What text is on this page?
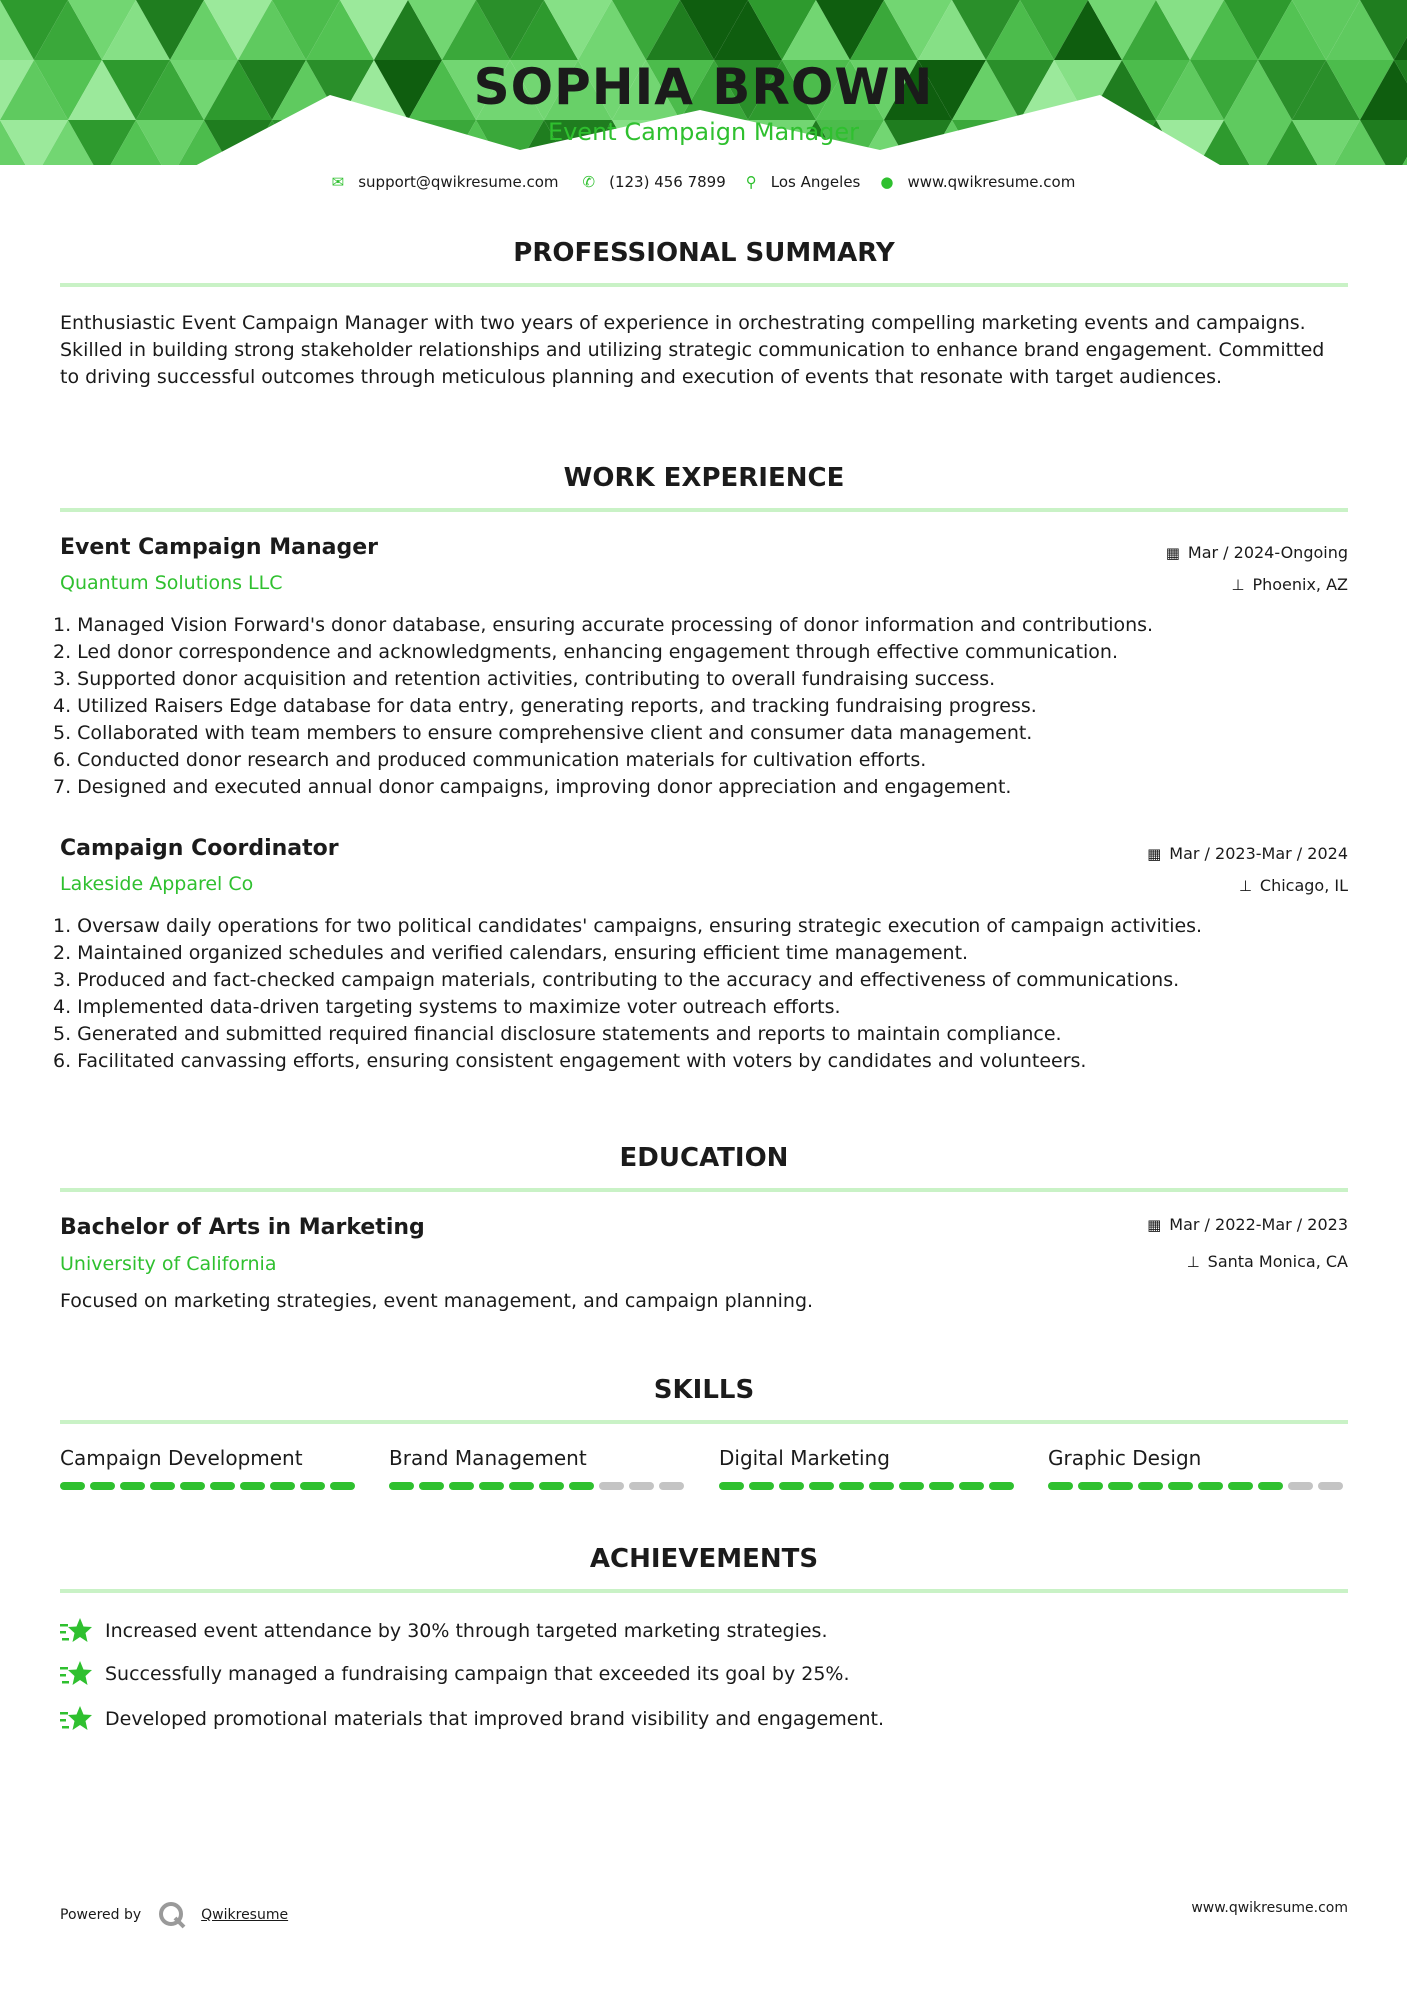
SOPHIA BROWN
Event Campaign Manager
✉ support@qwikresume.com ✆ (123) 456 7899 ⚲ Los Angeles ● www.qwikresume.com
PROFESSIONAL SUMMARY
Enthusiastic Event Campaign Manager with two years of experience in orchestrating compelling marketing events and campaigns. Skilled in building strong stakeholder relationships and utilizing strategic communication to enhance brand engagement. Committed to driving successful outcomes through meticulous planning and execution of events that resonate with target audiences.
WORK EXPERIENCE
Event Campaign Manager
Quantum Solutions LLC
▦ Mar / 2024-Ongoing
⊥ Phoenix, AZ
1. Managed Vision Forward's donor database, ensuring accurate processing of donor information and contributions.
2. Led donor correspondence and acknowledgments, enhancing engagement through effective communication.
3. Supported donor acquisition and retention activities, contributing to overall fundraising success.
4. Utilized Raisers Edge database for data entry, generating reports, and tracking fundraising progress.
5. Collaborated with team members to ensure comprehensive client and consumer data management.
6. Conducted donor research and produced communication materials for cultivation efforts.
7. Designed and executed annual donor campaigns, improving donor appreciation and engagement.
Campaign Coordinator
Lakeside Apparel Co
▦ Mar / 2023-Mar / 2024
⊥ Chicago, IL
1. Oversaw daily operations for two political candidates' campaigns, ensuring strategic execution of campaign activities.
2. Maintained organized schedules and verified calendars, ensuring efficient time management.
3. Produced and fact-checked campaign materials, contributing to the accuracy and effectiveness of communications.
4. Implemented data-driven targeting systems to maximize voter outreach efforts.
5. Generated and submitted required financial disclosure statements and reports to maintain compliance.
6. Facilitated canvassing efforts, ensuring consistent engagement with voters by candidates and volunteers.
EDUCATION
Bachelor of Arts in Marketing
University of California
▦ Mar / 2022-Mar / 2023
⊥ Santa Monica, CA
Focused on marketing strategies, event management, and campaign planning.
SKILLS
Campaign Development	Brand Management	Digital Marketing	Graphic Design
ACHIEVEMENTS
Increased event attendance by 30% through targeted marketing strategies.
Successfully managed a fundraising campaign that exceeded its goal by 25%.
Developed promotional materials that improved brand visibility and engagement.
Powered by	Qwikresume	www.qwikresume.com
